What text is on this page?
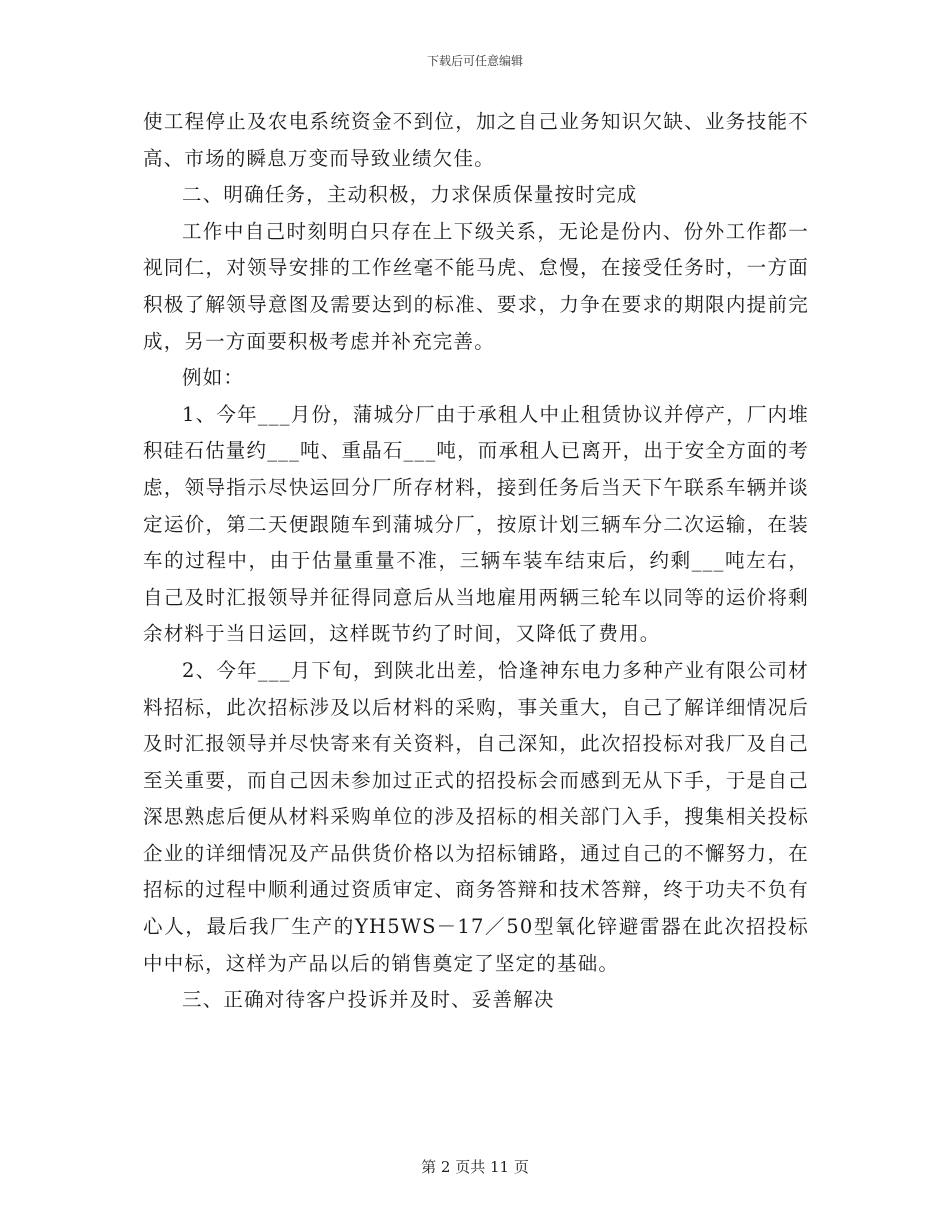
下载后可任意编辑

使工程停止及农电系统资金不到位，加之自己业务知识欠缺、业务技能不高、市场的瞬息万变而导致业绩欠佳。

二、明确任务，主动积极，力求保质保量按时完成

工作中自己时刻明白只存在上下级关系，无论是份内、份外工作都一视同仁，对领导安排的工作丝毫不能马虎、怠慢，在接受任务时，一方面积极了解领导意图及需要达到的标准、要求，力争在要求的期限内提前完成，另一方面要积极考虑并补充完善。

例如：

1、今年___月份，蒲城分厂由于承租人中止租赁协议并停产，厂内堆积硅石估量约___吨、重晶石___吨，而承租人已离开，出于安全方面的考虑，领导指示尽快运回分厂所存材料，接到任务后当天下午联系车辆并谈定运价，第二天便跟随车到蒲城分厂，按原计划三辆车分二次运输，在装车的过程中，由于估量重量不准，三辆车装车结束后，约剩___吨左右，自己及时汇报领导并征得同意后从当地雇用两辆三轮车以同等的运价将剩余材料于当日运回，这样既节约了时间，又降低了费用。

2、今年___月下旬，到陕北出差，恰逢神东电力多种产业有限公司材料招标，此次招标涉及以后材料的采购，事关重大，自己了解详细情况后及时汇报领导并尽快寄来有关资料，自己深知，此次招投标对我厂及自己至关重要，而自己因未参加过正式的招投标会而感到无从下手，于是自己深思熟虑后便从材料采购单位的涉及招标的相关部门入手，搜集相关投标企业的详细情况及产品供货价格以为招标铺路，通过自己的不懈努力，在招标的过程中顺利通过资质审定、商务答辩和技术答辩，终于功夫不负有心人，最后我厂生产的YH5WS－17／50型氧化锌避雷器在此次招投标中中标，这样为产品以后的销售奠定了坚定的基础。

三、正确对待客户投诉并及时、妥善解决

第 2 页共 11 页
